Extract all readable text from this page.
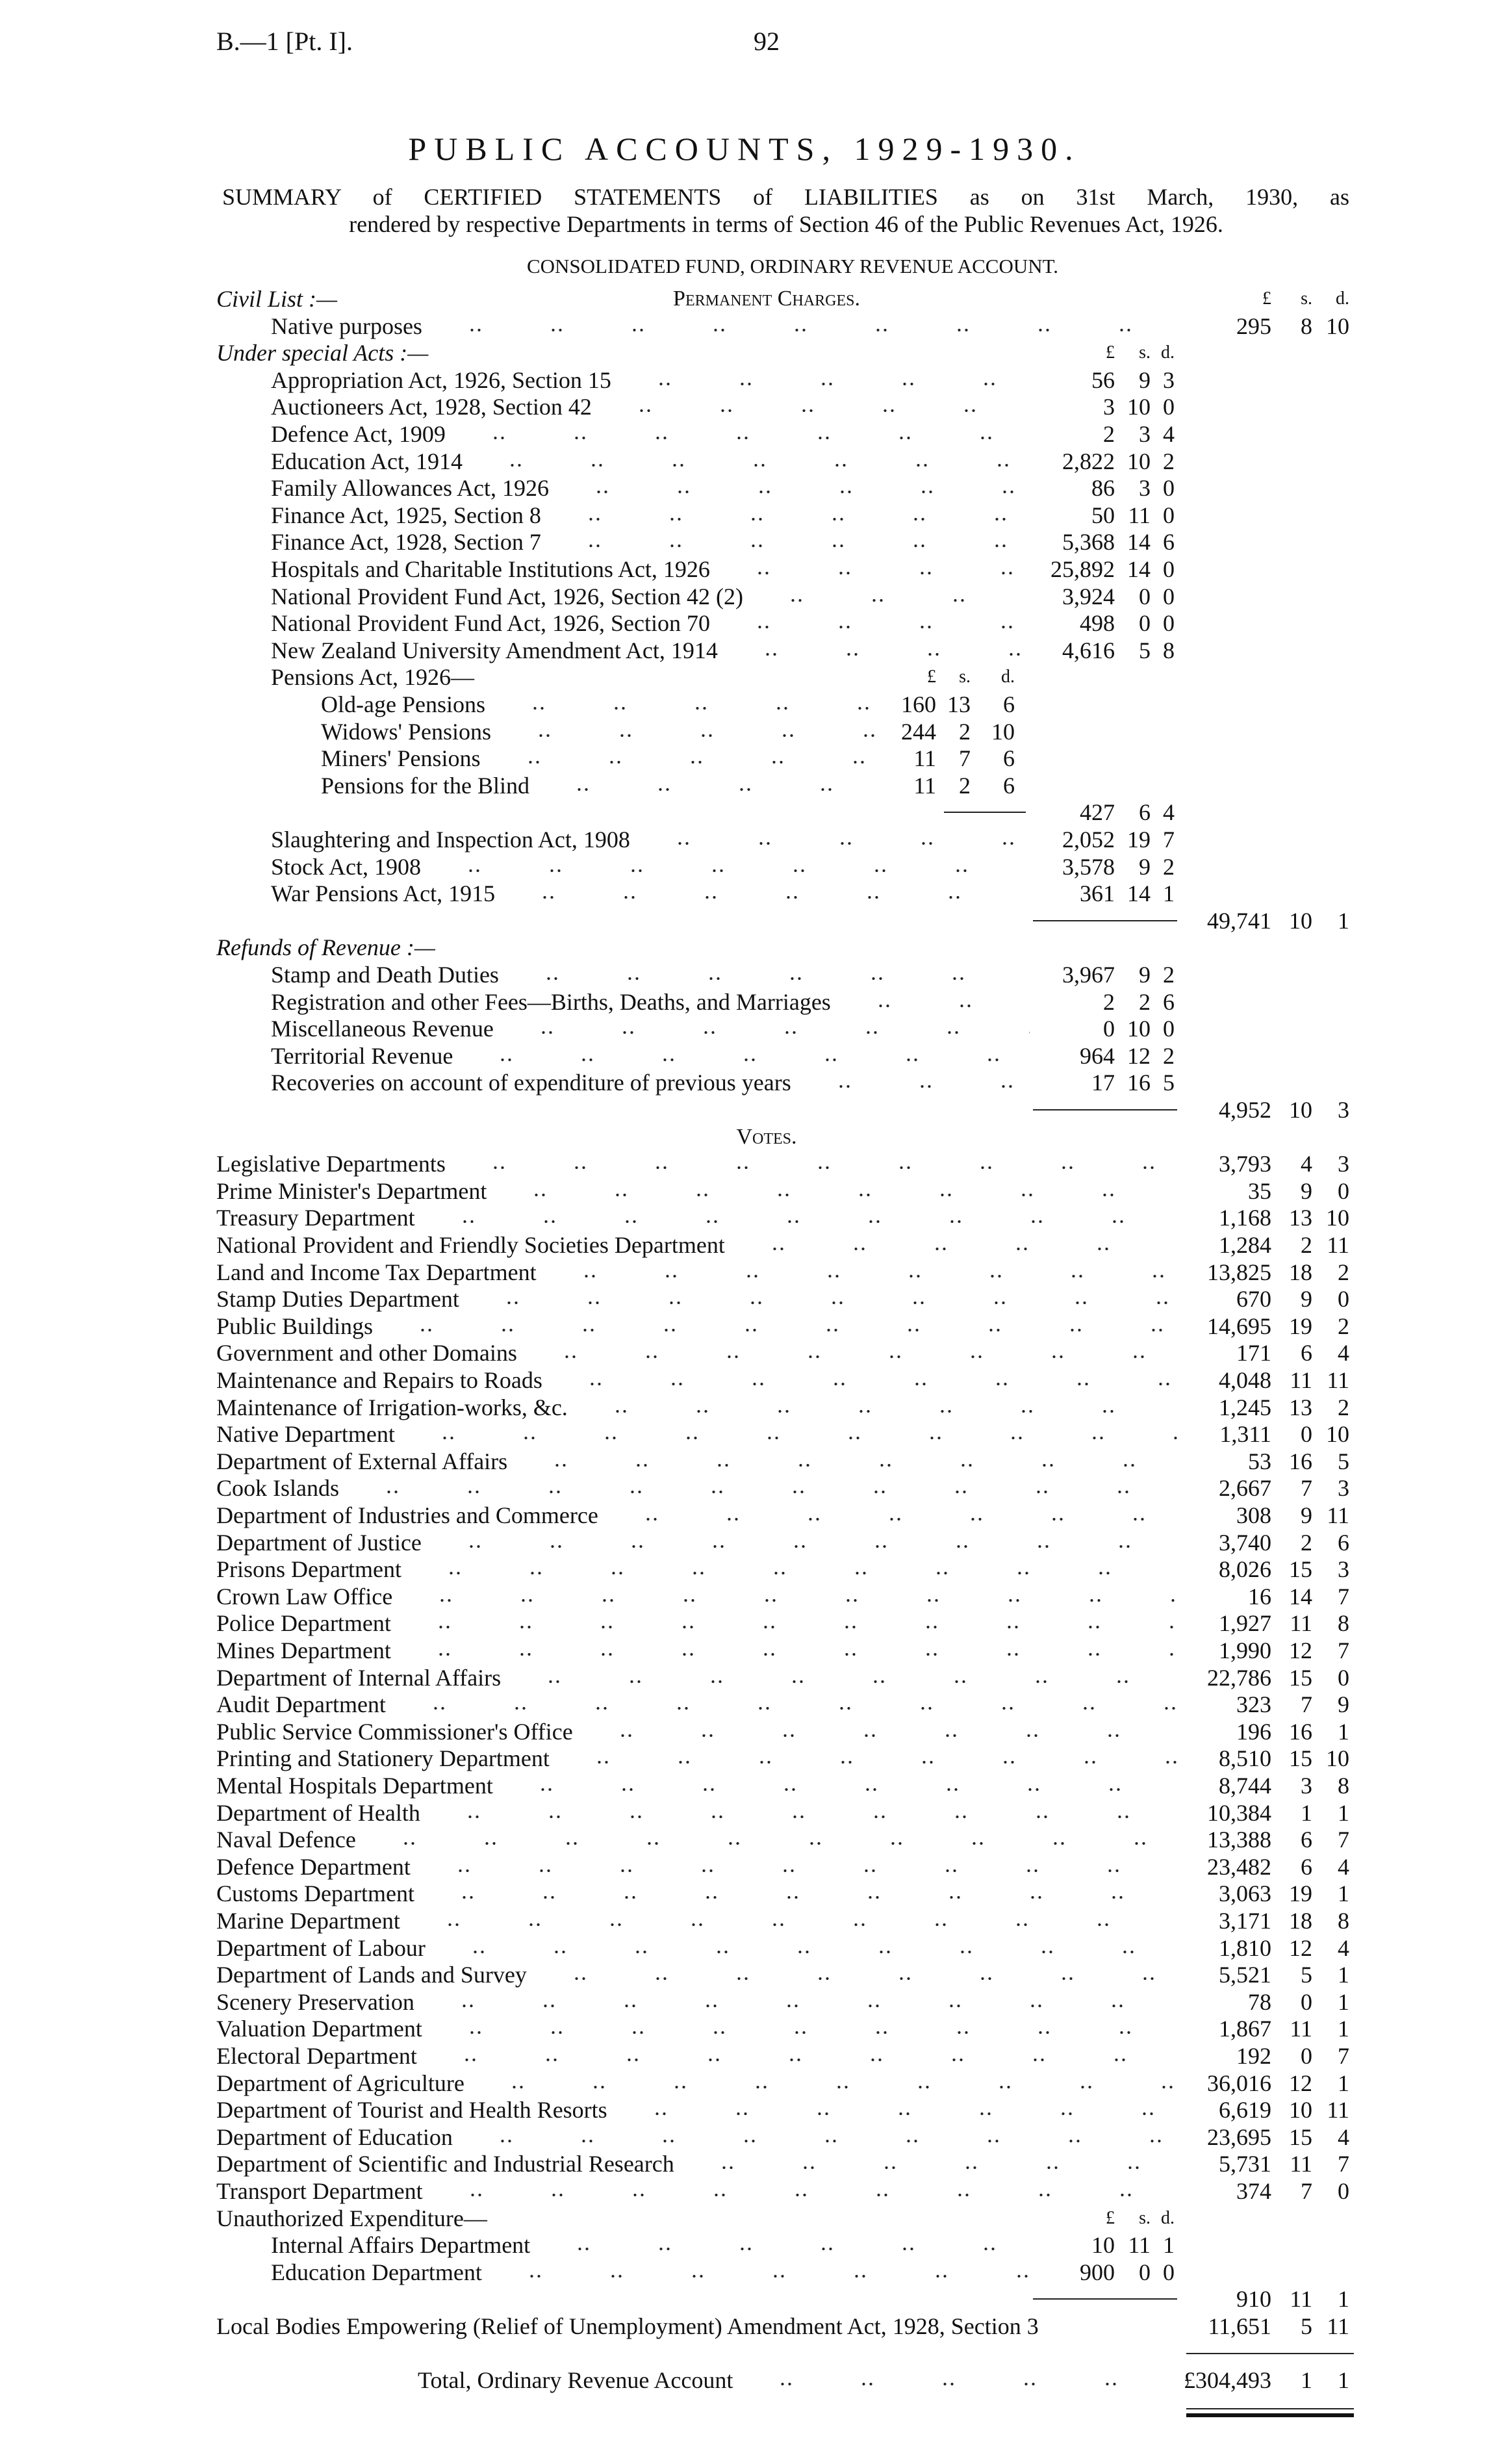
B.—1 [Pt. I].	92
PUBLIC ACCOUNTS, 1929-1930.
SUMMARY of CERTIFIED STATEMENTS of LIABILITIES as on 31st March, 1930, as
rendered by respective Departments in terms of Section 46 of the Public Revenues Act, 1926.
CONSOLIDATED FUND, ORDINARY REVENUE ACCOUNT.
Civil List :—	Permanent Charges.	£ s. d.
Native purposes	295 8 10
Under special Acts :—	£ s. d.
Appropriation Act, 1926, Section 15	56 9 3
Auctioneers Act, 1928, Section 42	3 10 0
Defence Act, 1909	2 3 4
Education Act, 1914	2,822 10 2
Family Allowances Act, 1926	86 3 0
Finance Act, 1925, Section 8	50 11 0
Finance Act, 1928, Section 7	5,368 14 6
Hospitals and Charitable Institutions Act, 1926	25,892 14 0
National Provident Fund Act, 1926, Section 42 (2)	3,924 0 0
National Provident Fund Act, 1926, Section 70	498 0 0
New Zealand University Amendment Act, 1914	4,616 5 8
Pensions Act, 1926—	£ s. d.
Old-age Pensions	160 13 6
Widows' Pensions	244 2 10
Miners' Pensions	11 7 6
Pensions for the Blind	11 2 6
427 6 4
Slaughtering and Inspection Act, 1908	2,052 19 7
Stock Act, 1908	3,578 9 2
War Pensions Act, 1915	361 14 1
49,741 10 1
Refunds of Revenue :—
Stamp and Death Duties	3,967 9 2
Registration and other Fees—Births, Deaths, and Marriages	2 2 6
Miscellaneous Revenue	0 10 0
Territorial Revenue	964 12 2
Recoveries on account of expenditure of previous years	17 16 5
4,952 10 3
Votes.
Legislative Departments	3,793 4 3
Prime Minister's Department	35 9 0
Treasury Department	1,168 13 10
National Provident and Friendly Societies Department	1,284 2 11
Land and Income Tax Department	13,825 18 2
Stamp Duties Department	670 9 0
Public Buildings	14,695 19 2
Government and other Domains	171 6 4
Maintenance and Repairs to Roads	4,048 11 11
Maintenance of Irrigation-works, &c.	1,245 13 2
Native Department	1,311 0 10
Department of External Affairs	53 16 5
Cook Islands	2,667 7 3
Department of Industries and Commerce	308 9 11
Department of Justice	3,740 2 6
Prisons Department	8,026 15 3
Crown Law Office	16 14 7
Police Department	1,927 11 8
Mines Department	1,990 12 7
Department of Internal Affairs	22,786 15 0
Audit Department	323 7 9
Public Service Commissioner's Office	196 16 1
Printing and Stationery Department	8,510 15 10
Mental Hospitals Department	8,744 3 8
Department of Health	10,384 1 1
Naval Defence	13,388 6 7
Defence Department	23,482 6 4
Customs Department	3,063 19 1
Marine Department	3,171 18 8
Department of Labour	1,810 12 4
Department of Lands and Survey	5,521 5 1
Scenery Preservation	78 0 1
Valuation Department	1,867 11 1
Electoral Department	192 0 7
Department of Agriculture	36,016 12 1
Department of Tourist and Health Resorts	6,619 10 11
Department of Education	23,695 15 4
Department of Scientific and Industrial Research	5,731 11 7
Transport Department	374 7 0
Unauthorized Expenditure—	£ s. d.
Internal Affairs Department	10 11 1
Education Department	900 0 0
910 11 1
Local Bodies Empowering (Relief of Unemployment) Amendment Act, 1928, Section 3	11,651 5 11
Total, Ordinary Revenue Account	£304,493 1 1
